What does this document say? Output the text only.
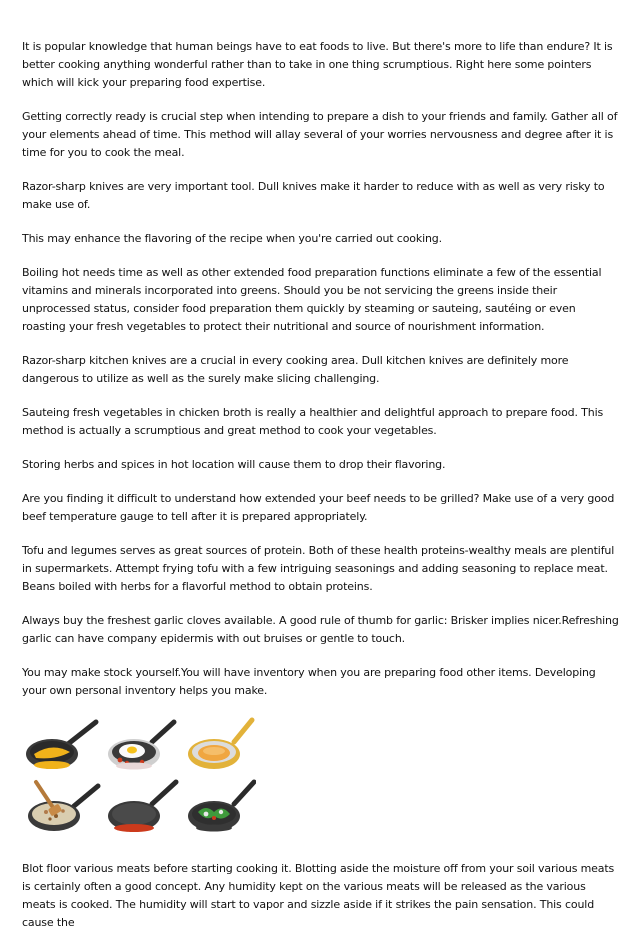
It is popular knowledge that human beings have to eat foods to live. But there's more to life than endure? It is better cooking anything wonderful rather than to take in one thing scrumptious. Right here some pointers which will kick your preparing food expertise.

Getting correctly ready is crucial step when intending to prepare a dish to your friends and family. Gather all of your elements ahead of time. This method will allay several of your worries nervousness and degree after it is time for you to cook the meal.

Razor-sharp knives are very important tool. Dull knives make it harder to reduce with as well as very risky to make use of.

This may enhance the flavoring of the recipe when you're carried out cooking.

Boiling hot needs time as well as other extended food preparation functions eliminate a few of the essential vitamins and minerals incorporated into greens. Should you be not servicing the greens inside their unprocessed status, consider food preparation them quickly by steaming or sauteing, sautéing or even roasting your fresh vegetables to protect their nutritional and source of nourishment information.

Razor-sharp kitchen knives are a crucial in every cooking area. Dull kitchen knives are definitely more dangerous to utilize as well as the surely make slicing challenging.

Sauteing fresh vegetables in chicken broth is really a healthier and delightful approach to prepare food. This method is actually a scrumptious and great method to cook your vegetables.

Storing herbs and spices in hot location will cause them to drop their flavoring.

Are you finding it difficult to understand how extended your beef needs to be grilled? Make use of a very good beef temperature gauge to tell after it is prepared appropriately.

Tofu and legumes serves as great sources of protein. Both of these health proteins-wealthy meals are plentiful in supermarkets. Attempt frying tofu with a few intriguing seasonings and adding seasoning to replace meat. Beans boiled with herbs for a flavorful method to obtain proteins.

Always buy the freshest garlic cloves available. A good rule of thumb for garlic: Brisker implies nicer.Refreshing garlic can have company epidermis with out bruises or gentle to touch.

You may make stock yourself.You will have inventory when you are preparing food other items. Developing your own personal inventory helps you make.

Blot floor various meats before starting cooking it. Blotting aside the moisture off from your soil various meats is certainly often a good concept. Any humidity kept on the various meats will be released as the various meats is cooked. The humidity will start to vapor and sizzle aside if it strikes the pain sensation. This could cause the
